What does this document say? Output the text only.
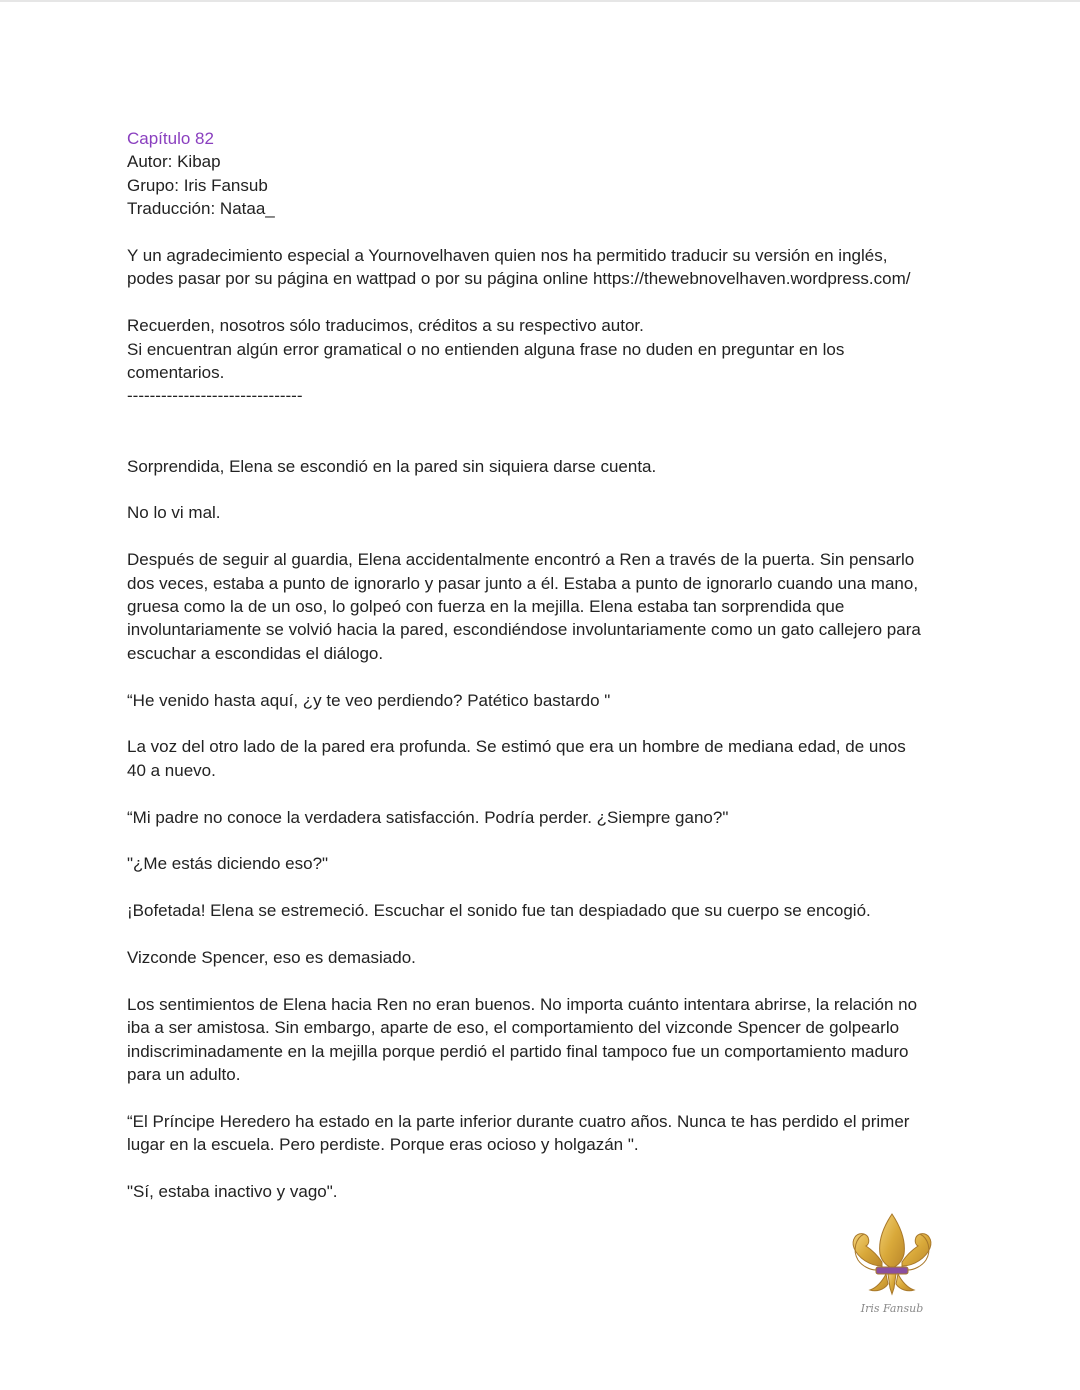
Capítulo 82

Autor: Kibap

Grupo: Iris Fansub

Traducción: Nataa_

Y un agradecimiento especial a Yournovelhaven quien nos ha permitido traducir su versión en inglés,

podes pasar por su página en wattpad o por su página online https://thewebnovelhaven.wordpress.com/

Recuerden, nosotros sólo traducimos, créditos a su respectivo autor.

Si encuentran algún error gramatical o no entienden alguna frase no duden en preguntar en los

comentarios.

-------------------------------

Sorprendida, Elena se escondió en la pared sin siquiera darse cuenta.

No lo vi mal.

Después de seguir al guardia, Elena accidentalmente encontró a Ren a través de la puerta. Sin pensarlo

dos veces, estaba a punto de ignorarlo y pasar junto a él. Estaba a punto de ignorarlo cuando una mano,

gruesa como la de un oso, lo golpeó con fuerza en la mejilla. Elena estaba tan sorprendida que

involuntariamente se volvió hacia la pared, escondiéndose involuntariamente como un gato callejero para

escuchar a escondidas el diálogo.

“He venido hasta aquí, ¿y te veo perdiendo? Patético bastardo "

La voz del otro lado de la pared era profunda. Se estimó que era un hombre de mediana edad, de unos

40 a nuevo.

“Mi padre no conoce la verdadera satisfacción. Podría perder. ¿Siempre gano?"

"¿Me estás diciendo eso?"

¡Bofetada! Elena se estremeció. Escuchar el sonido fue tan despiadado que su cuerpo se encogió.

Vizconde Spencer, eso es demasiado.

Los sentimientos de Elena hacia Ren no eran buenos. No importa cuánto intentara abrirse, la relación no

iba a ser amistosa. Sin embargo, aparte de eso, el comportamiento del vizconde Spencer de golpearlo

indiscriminadamente en la mejilla porque perdió el partido final tampoco fue un comportamiento maduro

para un adulto.

“El Príncipe Heredero ha estado en la parte inferior durante cuatro años. Nunca te has perdido el primer

lugar en la escuela. Pero perdiste. Porque eras ocioso y holgazán ".

"Sí, estaba inactivo y vago".

Iris Fansub
